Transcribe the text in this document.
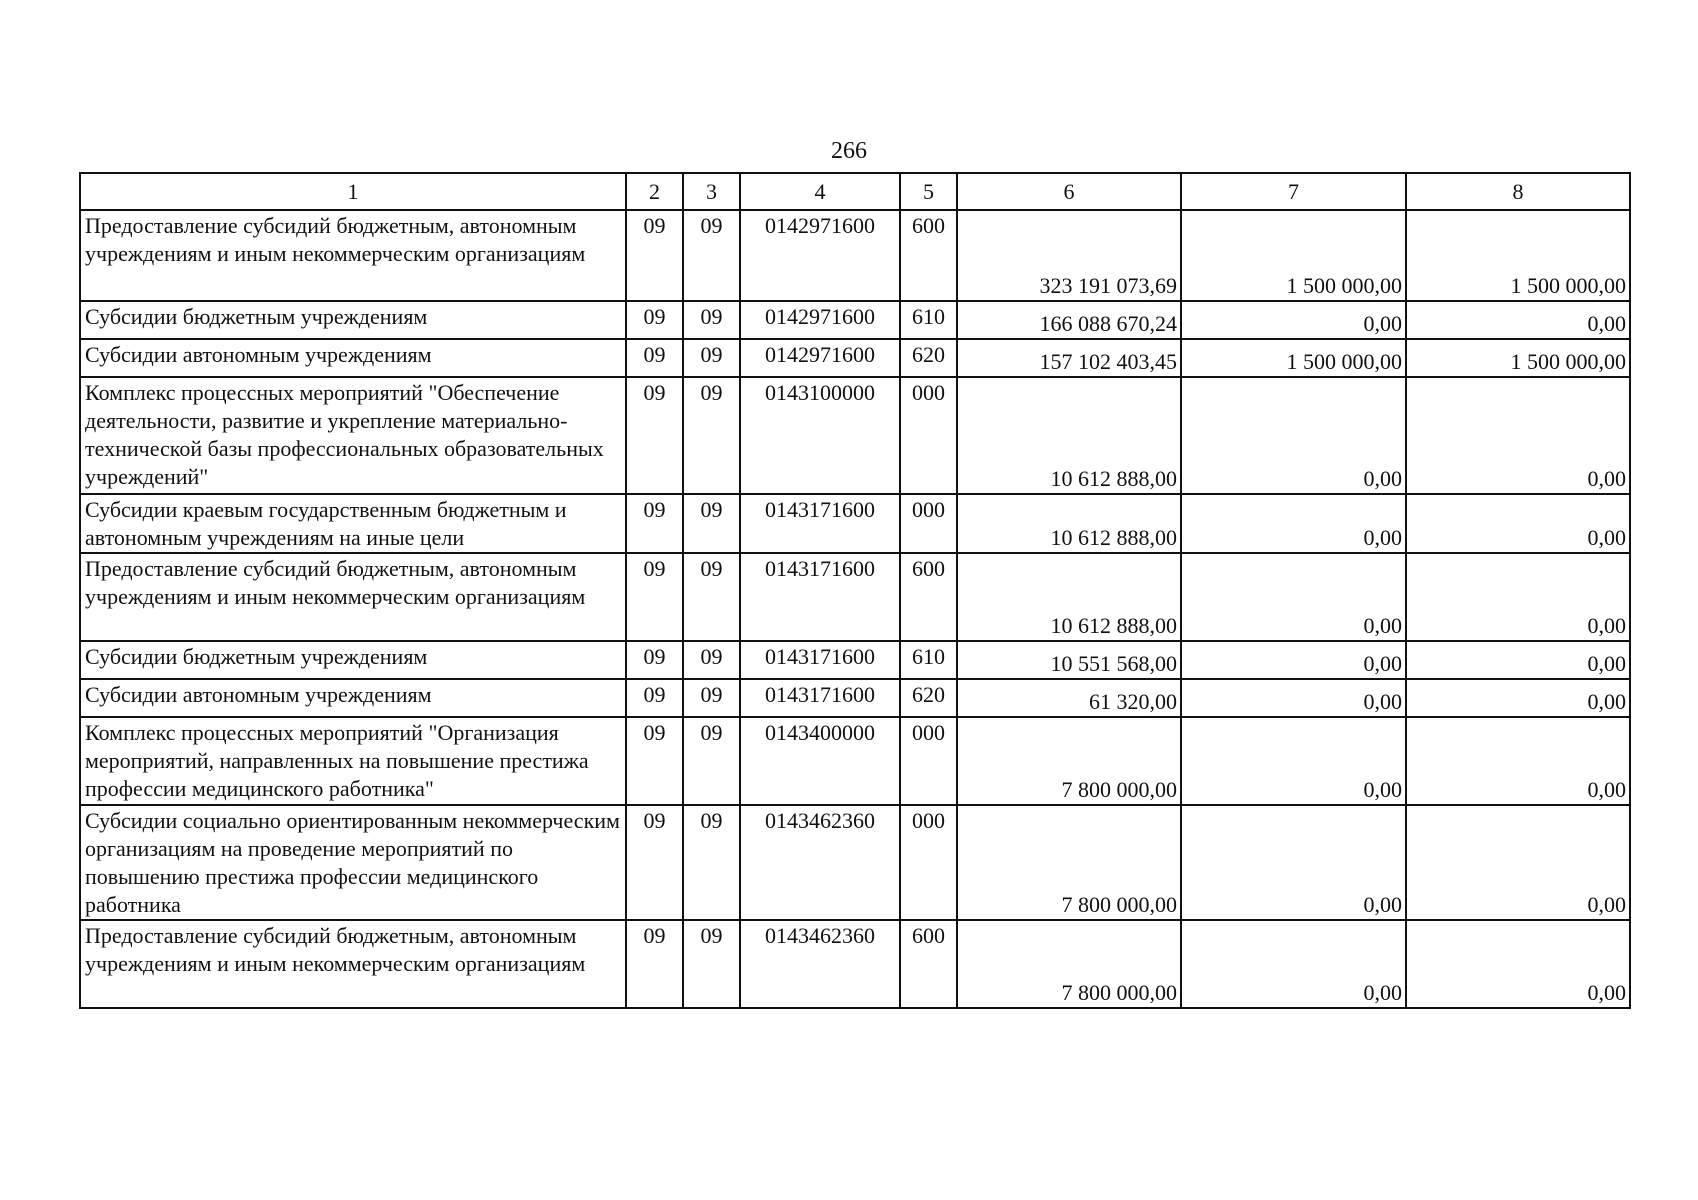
266
1	2	3	4	5	6	7	8
Предоставление субсидий бюджетным, автономным учреждениям и иным некоммерческим организациям	09	09	0142971600	600	323 191 073,69	1 500 000,00	1 500 000,00
Субсидии бюджетным учреждениям	09	09	0142971600	610	166 088 670,24	0,00	0,00
Субсидии автономным учреждениям	09	09	0142971600	620	157 102 403,45	1 500 000,00	1 500 000,00
Комплекс процессных мероприятий "Обеспечение деятельности, развитие и укрепление материально-технической базы профессиональных образовательных учреждений"	09	09	0143100000	000	10 612 888,00	0,00	0,00
Субсидии краевым государственным бюджетным и автономным учреждениям на иные цели	09	09	0143171600	000	10 612 888,00	0,00	0,00
Предоставление субсидий бюджетным, автономным учреждениям и иным некоммерческим организациям	09	09	0143171600	600	10 612 888,00	0,00	0,00
Субсидии бюджетным учреждениям	09	09	0143171600	610	10 551 568,00	0,00	0,00
Субсидии автономным учреждениям	09	09	0143171600	620	61 320,00	0,00	0,00
Комплекс процессных мероприятий "Организация мероприятий, направленных на повышение престижа профессии медицинского работника"	09	09	0143400000	000	7 800 000,00	0,00	0,00
Субсидии социально ориентированным некоммерческим организациям на проведение мероприятий по повышению престижа профессии медицинского работника	09	09	0143462360	000	7 800 000,00	0,00	0,00
Предоставление субсидий бюджетным, автономным учреждениям и иным некоммерческим организациям	09	09	0143462360	600	7 800 000,00	0,00	0,00
